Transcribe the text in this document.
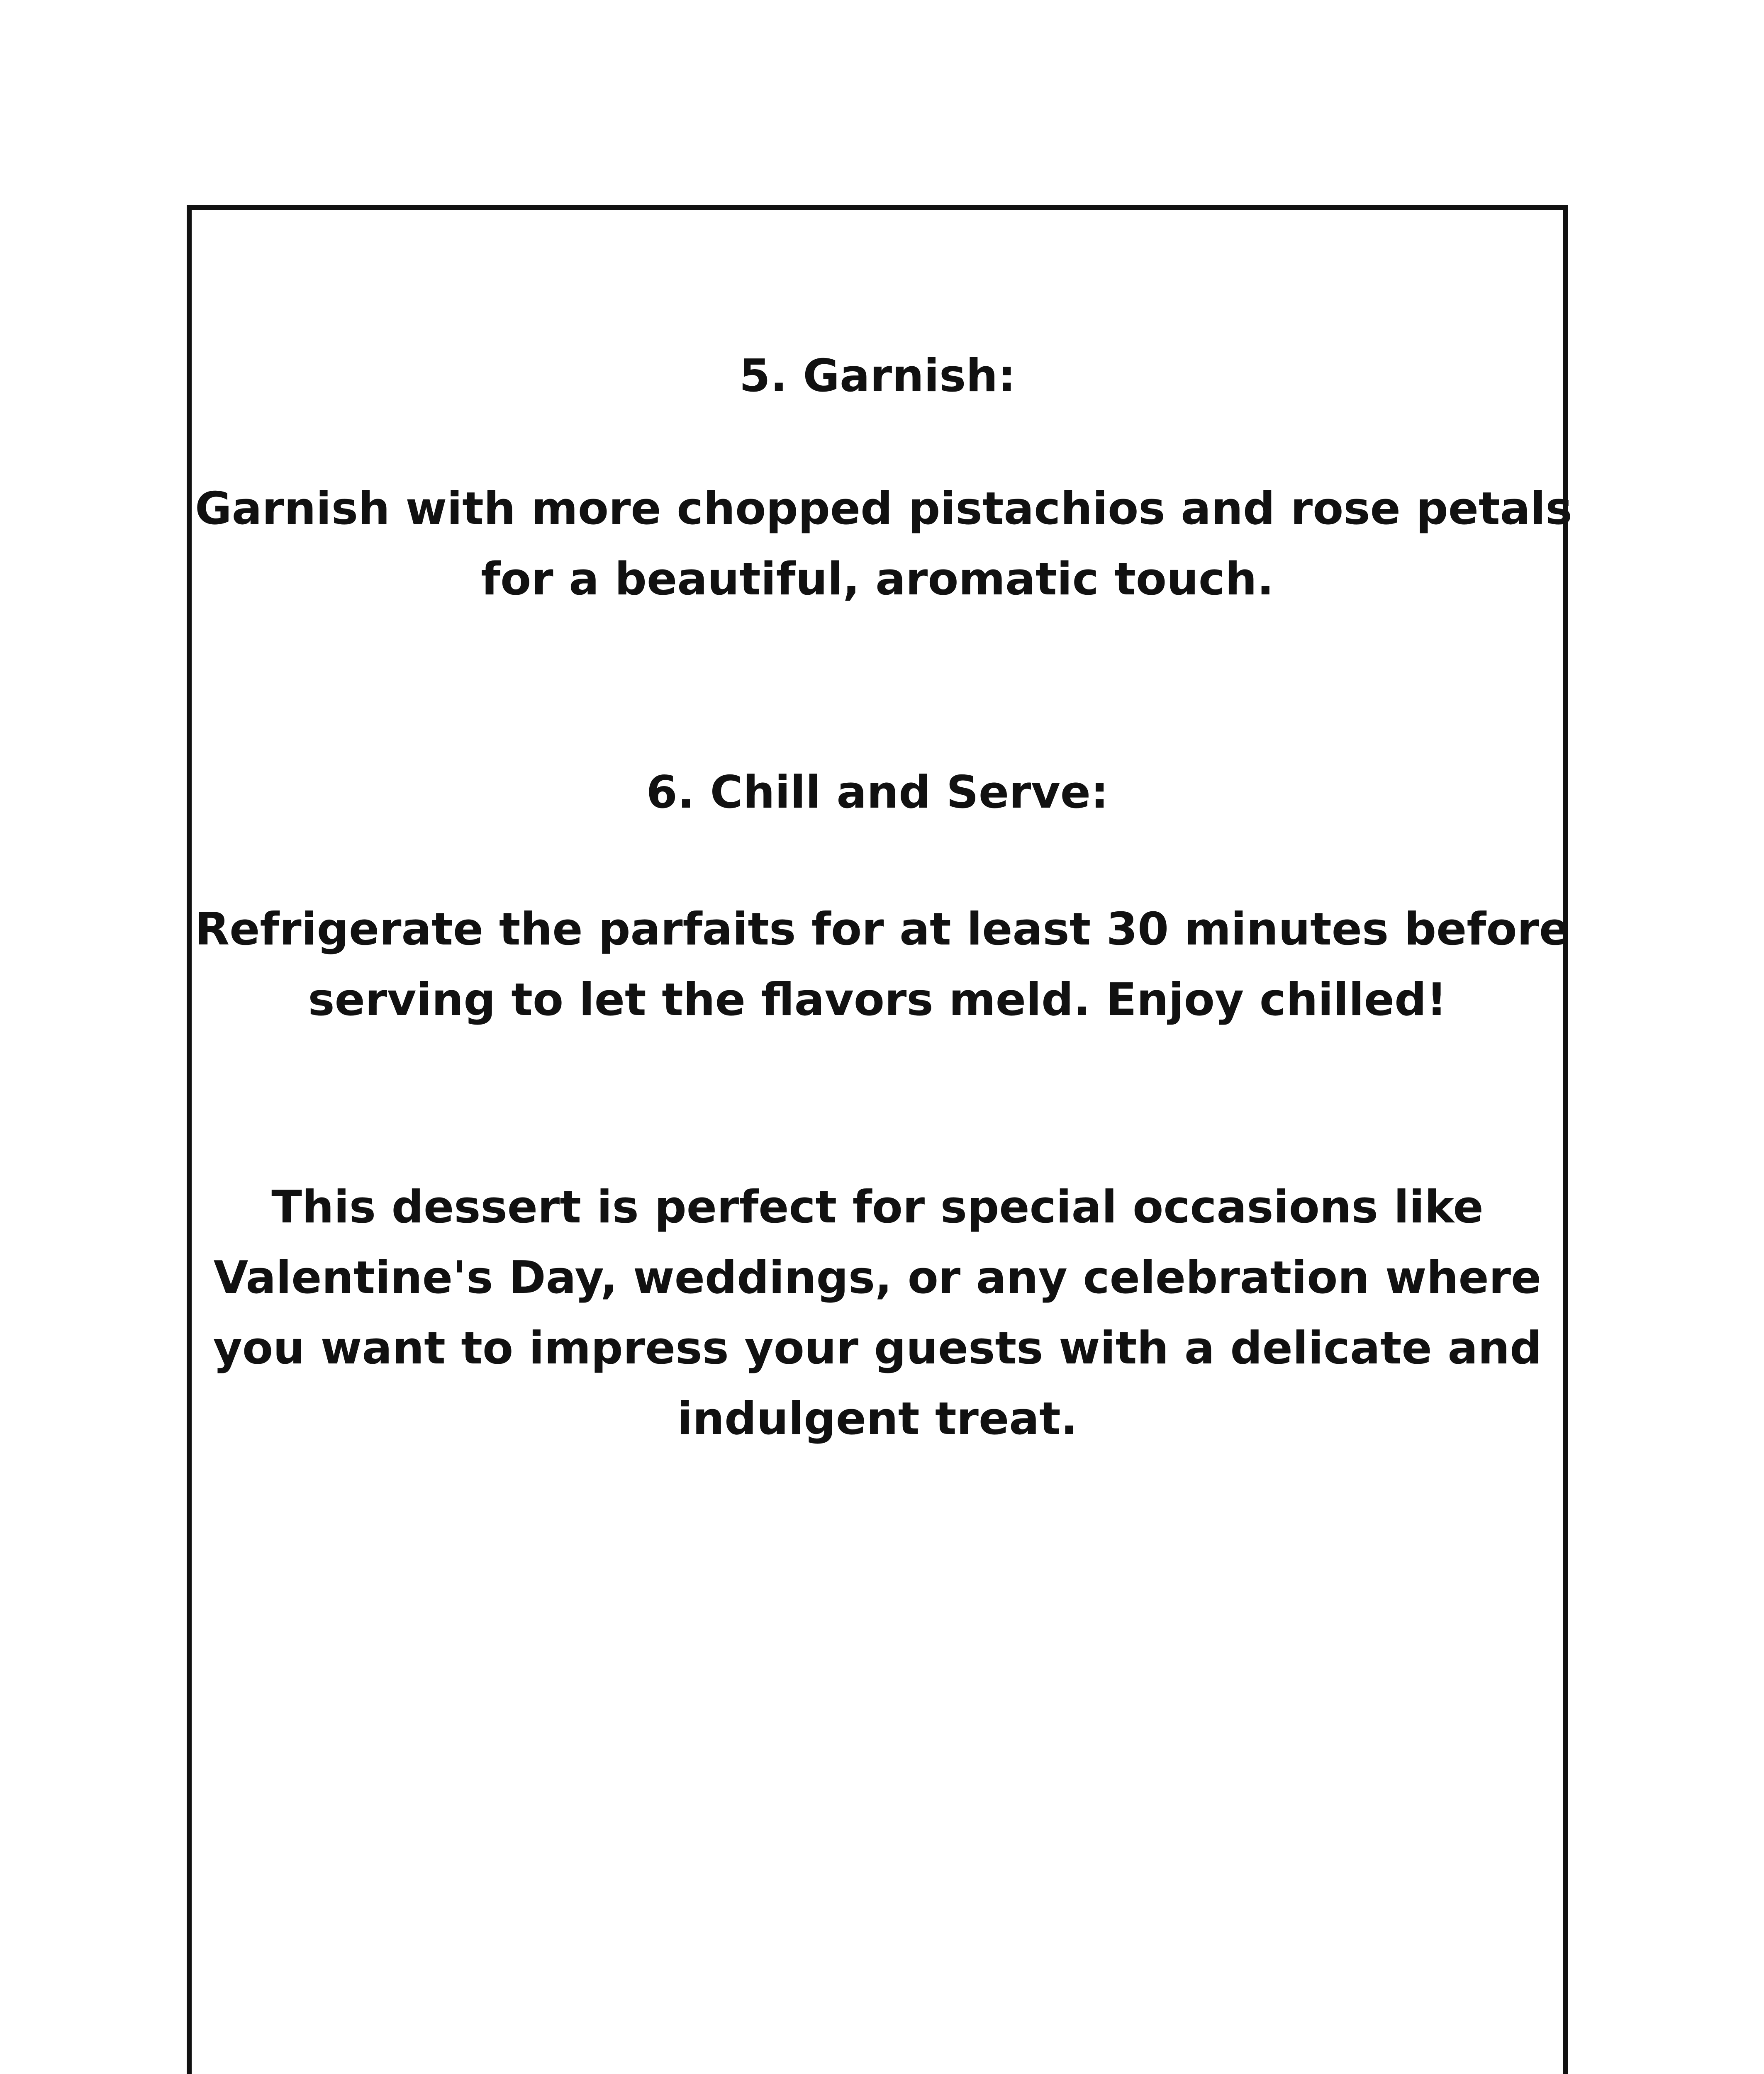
5. Garnish:

Garnish with more chopped pistachios and rose petals
for a beautiful, aromatic touch.

6. Chill and Serve:

Refrigerate the parfaits for at least 30 minutes before
serving to let the flavors meld. Enjoy chilled!

This dessert is perfect for special occasions like
Valentine's Day, weddings, or any celebration where
you want to impress your guests with a delicate and
indulgent treat.
